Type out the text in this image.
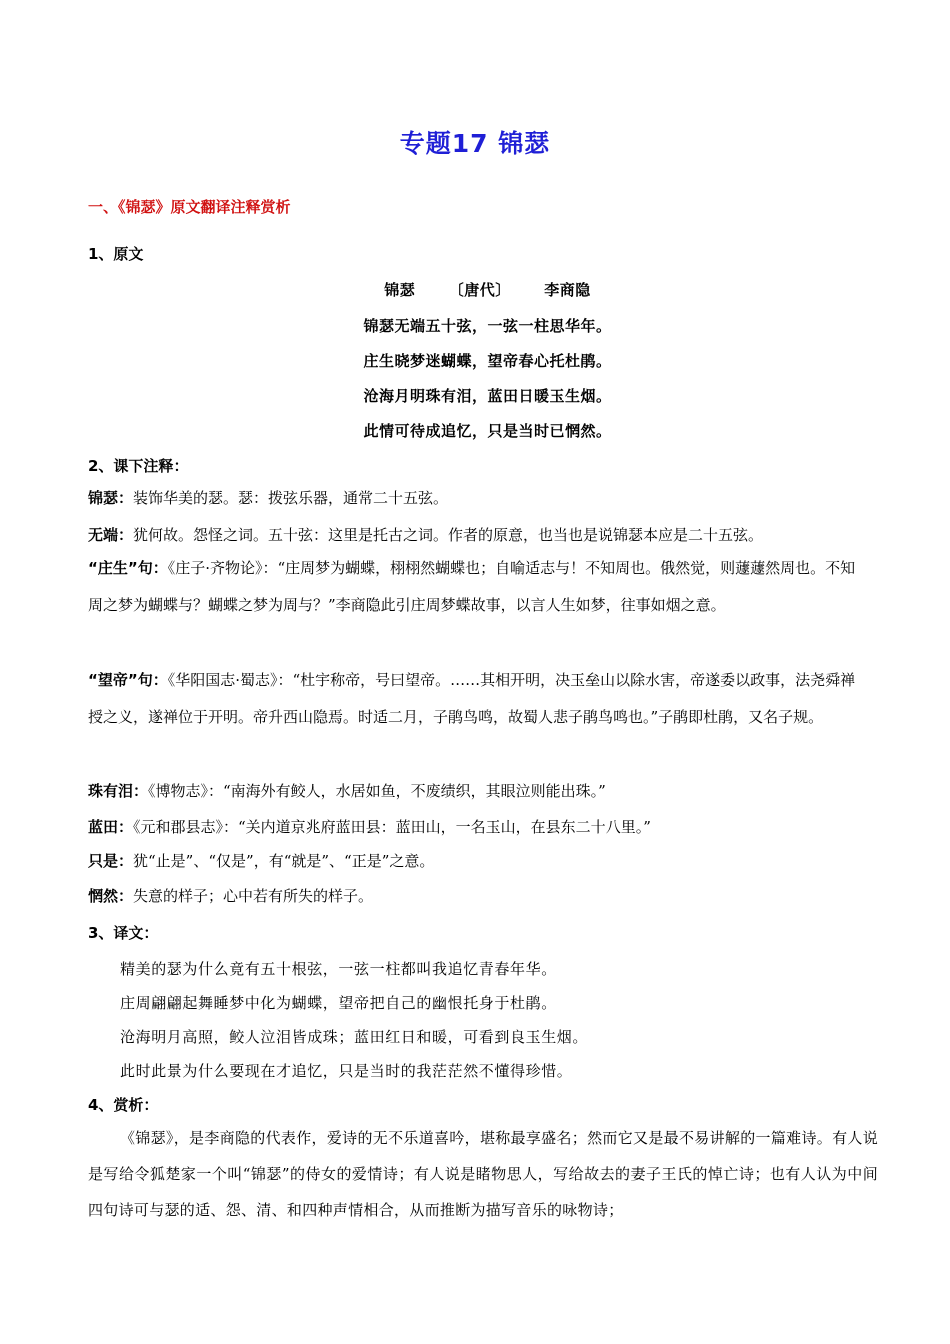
专题17 锦瑟
一、《锦瑟》原文翻译注释赏析
1、原文
锦瑟 〔唐代〕 李商隐
锦瑟无端五十弦，一弦一柱思华年。
庄生晓梦迷蝴蝶，望帝春心托杜鹃。
沧海月明珠有泪，蓝田日暖玉生烟。
此情可待成追忆，只是当时已惘然。
2、课下注释：
锦瑟：装饰华美的瑟。瑟：拨弦乐器，通常二十五弦。
无端：犹何故。怨怪之词。五十弦：这里是托古之词。作者的原意，也当也是说锦瑟本应是二十五弦。
“庄生”句：《庄子·齐物论》：“庄周梦为蝴蝶，栩栩然蝴蝶也；自喻适志与！不知周也。俄然觉，则蘧蘧然周也。不知周之梦为蝴蝶与？蝴蝶之梦为周与？”李商隐此引庄周梦蝶故事，以言人生如梦，往事如烟之意。
“望帝”句：《华阳国志·蜀志》：“杜宇称帝，号曰望帝。……其相开明，决玉垒山以除水害，帝遂委以政事，法尧舜禅授之义，遂禅位于开明。帝升西山隐焉。时适二月，子鹃鸟鸣，故蜀人悲子鹃鸟鸣也。”子鹃即杜鹃，又名子规。
珠有泪：《博物志》：“南海外有鲛人，水居如鱼，不废绩织，其眼泣则能出珠。”
蓝田：《元和郡县志》：“关内道京兆府蓝田县：蓝田山，一名玉山，在县东二十八里。”
只是：犹“止是”、“仅是”，有“就是”、“正是”之意。
惘然：失意的样子；心中若有所失的样子。
3、译文：
精美的瑟为什么竟有五十根弦，一弦一柱都叫我追忆青春年华。
庄周翩翩起舞睡梦中化为蝴蝶，望帝把自己的幽恨托身于杜鹃。
沧海明月高照，鲛人泣泪皆成珠；蓝田红日和暖，可看到良玉生烟。
此时此景为什么要现在才追忆，只是当时的我茫茫然不懂得珍惜。
4、赏析：
《锦瑟》，是李商隐的代表作，爱诗的无不乐道喜吟，堪称最享盛名；然而它又是最不易讲解的一篇难诗。有人说是写给令狐楚家一个叫“锦瑟”的侍女的爱情诗；有人说是睹物思人，写给故去的妻子王氏的悼亡诗；也有人认为中间四句诗可与瑟的适、怨、清、和四种声情相合，从而推断为描写音乐的咏物诗；
